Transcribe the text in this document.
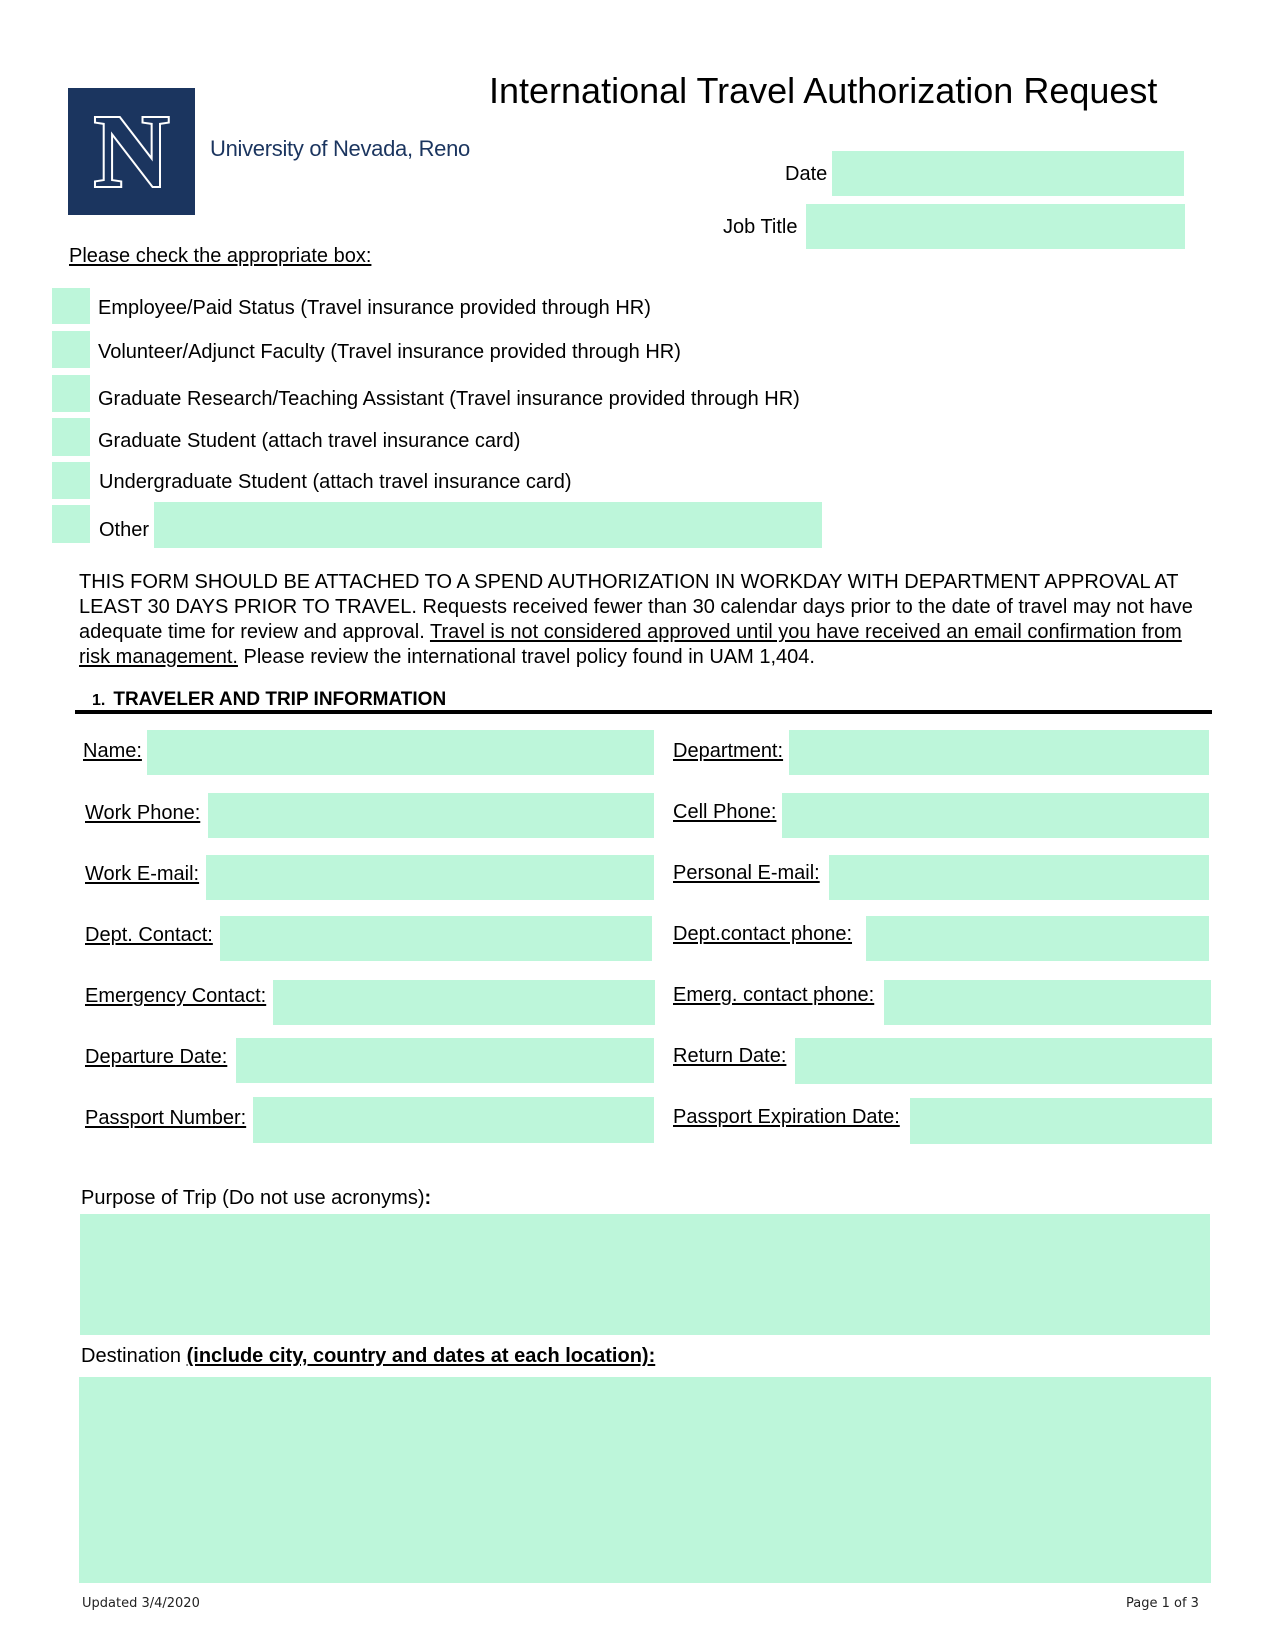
N	University of Nevada, Reno
International Travel Authorization Request
Date
Job Title
Please check the appropriate box:
Employee/Paid Status (Travel insurance provided through HR)
Volunteer/Adjunct Faculty (Travel insurance provided through HR)
Graduate Research/Teaching Assistant (Travel insurance provided through HR)
Graduate Student (attach travel insurance card)
Undergraduate Student (attach travel insurance card)
Other
THIS FORM SHOULD BE ATTACHED TO A SPEND AUTHORIZATION IN WORKDAY WITH DEPARTMENT APPROVAL AT LEAST 30 DAYS PRIOR TO TRAVEL. Requests received fewer than 30 calendar days prior to the date of travel may not have adequate time for review and approval. Travel is not considered approved until you have received an email confirmation from risk management. Please review the international travel policy found in UAM 1,404.
1. TRAVELER AND TRIP INFORMATION
Name:
Work Phone:
Work E-mail:
Dept. Contact:
Emergency Contact:
Departure Date:
Passport Number:
Department:
Cell Phone:
Personal E-mail:
Dept.contact phone:
Emerg. contact phone:
Return Date:
Passport Expiration Date:
Purpose of Trip (Do not use acronyms):
Destination (include city, country and dates at each location):
Updated 3/4/2020	Page 1 of 3
